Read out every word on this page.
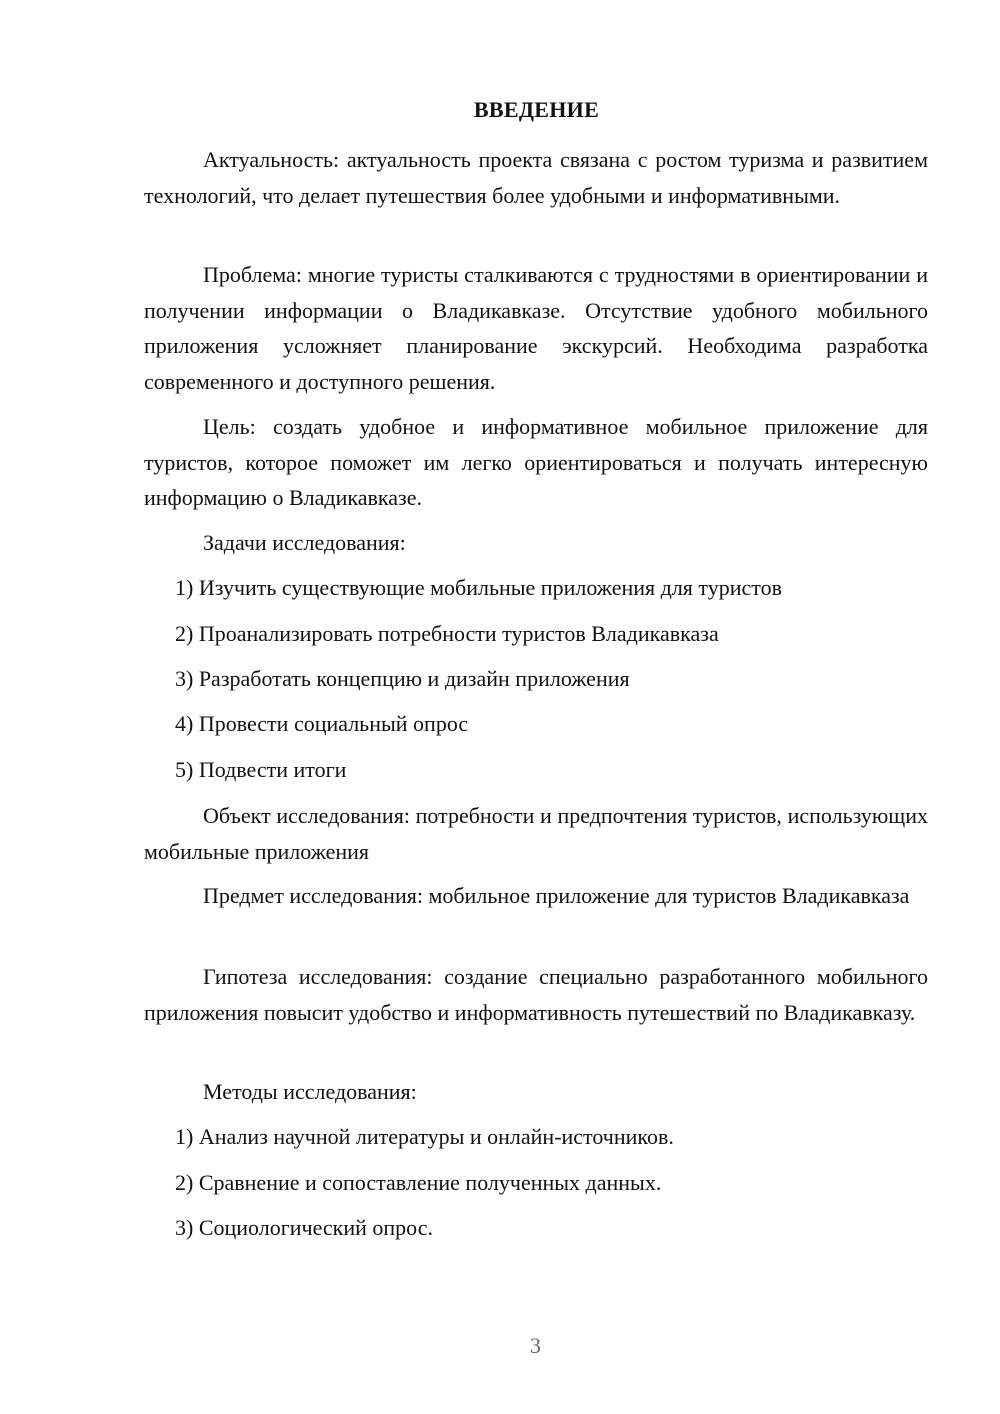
ВВЕДЕНИЕ
Актуальность: актуальность проекта связана с ростом туризма и развитием технологий, что делает путешествия более удобными и информативными.
Проблема: многие туристы сталкиваются с трудностями в ориентировании и получении информации о Владикавказе. Отсутствие удобного мобильного приложения усложняет планирование экскурсий. Необходима разработка современного и доступного решения.
Цель: создать удобное и информативное мобильное приложение для туристов, которое поможет им легко ориентироваться и получать интересную информацию о Владикавказе.
Задачи исследования:
1) Изучить существующие мобильные приложения для туристов
2) Проанализировать потребности туристов Владикавказа
3) Разработать концепцию и дизайн приложения
4) Провести социальный опрос
5) Подвести итоги
Объект исследования: потребности и предпочтения туристов, использующих мобильные приложения
Предмет исследования: мобильное приложение для туристов Владикавказа
Гипотеза исследования: создание специально разработанного мобильного приложения повысит удобство и информативность путешествий по Владикавказу.
Методы исследования:
1) Анализ научной литературы и онлайн-источников.
2) Сравнение и сопоставление полученных данных.
3) Социологический опрос.
3
